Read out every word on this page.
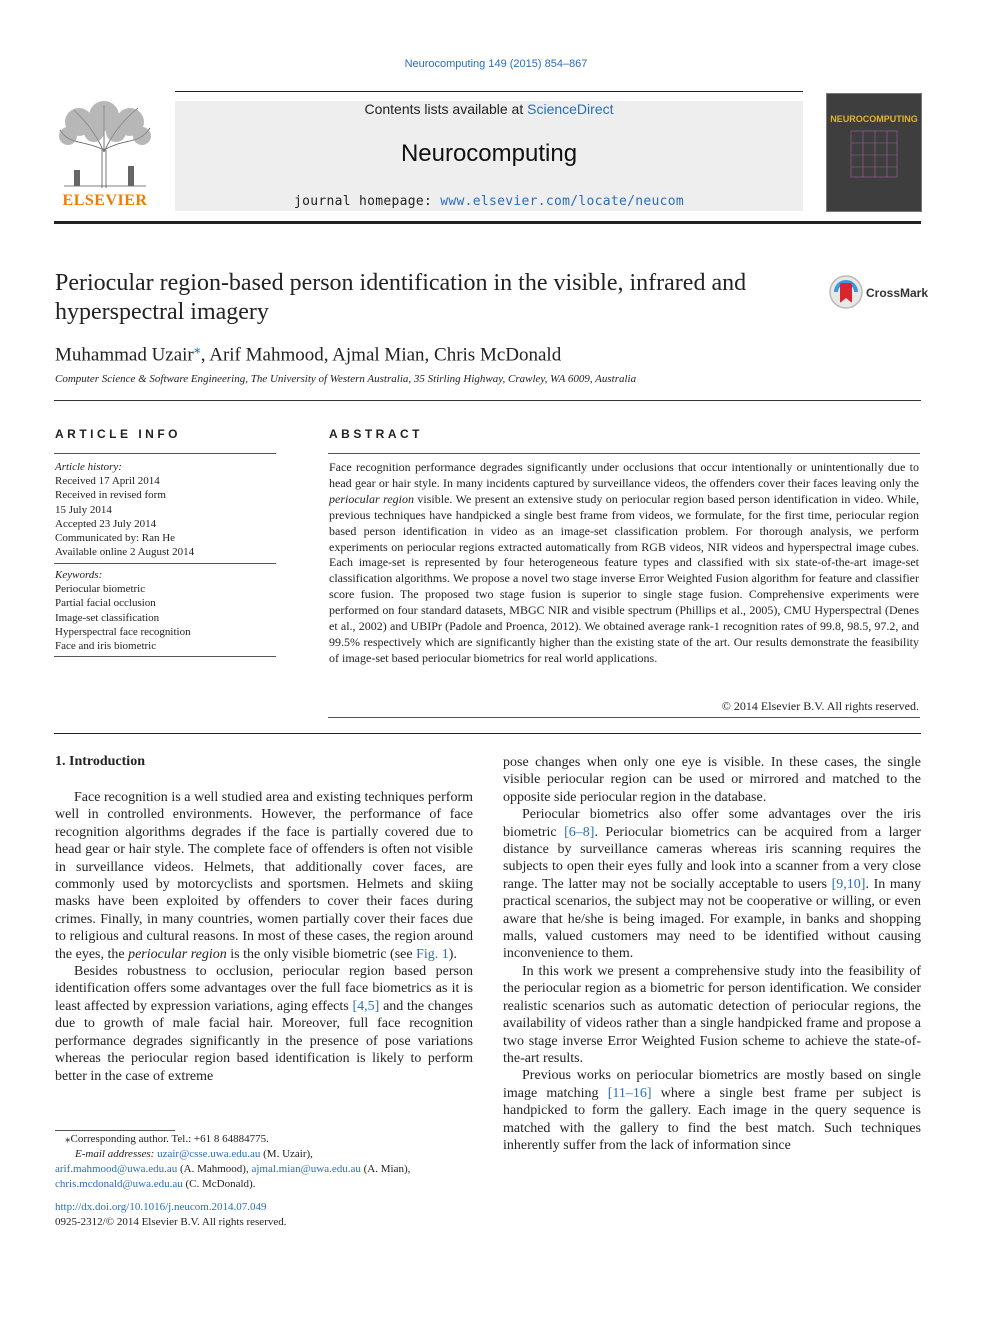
Neurocomputing 149 (2015) 854–867
ELSEVIER
Contents lists available at ScienceDirect
Neurocomputing
journal homepage: www.elsevier.com/locate/neucom
NEUROCOMPUTING
Periocular region-based person identification in the visible, infrared and hyperspectral imagery
CrossMark
Muhammad Uzair⁎, Arif Mahmood, Ajmal Mian, Chris McDonald
Computer Science & Software Engineering, The University of Western Australia, 35 Stirling Highway, Crawley, WA 6009, Australia
ARTICLE INFO
Article history:
Received 17 April 2014
Received in revised form
15 July 2014
Accepted 23 July 2014
Communicated by: Ran He
Available online 2 August 2014
Keywords:
Periocular biometric
Partial facial occlusion
Image-set classification
Hyperspectral face recognition
Face and iris biometric
ABSTRACT
Face recognition performance degrades significantly under occlusions that occur intentionally or unintentionally due to head gear or hair style. In many incidents captured by surveillance videos, the offenders cover their faces leaving only the periocular region visible. We present an extensive study on periocular region based person identification in video. While, previous techniques have handpicked a single best frame from videos, we formulate, for the first time, periocular region based person identification in video as an image-set classification problem. For thorough analysis, we perform experiments on periocular regions extracted automatically from RGB videos, NIR videos and hyperspectral image cubes. Each image-set is represented by four heterogeneous feature types and classified with six state-of-the-art image-set classification algorithms. We propose a novel two stage inverse Error Weighted Fusion algorithm for feature and classifier score fusion. The proposed two stage fusion is superior to single stage fusion. Comprehensive experiments were performed on four standard datasets, MBGC NIR and visible spectrum (Phillips et al., 2005), CMU Hyperspectral (Denes et al., 2002) and UBIPr (Padole and Proenca, 2012). We obtained average rank-1 recognition rates of 99.8, 98.5, 97.2, and 99.5% respectively which are significantly higher than the existing state of the art. Our results demonstrate the feasibility of image-set based periocular biometrics for real world applications.
© 2014 Elsevier B.V. All rights reserved.
1. Introduction

Face recognition is a well studied area and existing techniques perform well in controlled environments. However, the performance of face recognition algorithms degrades if the face is partially covered due to head gear or hair style. The complete face of offenders is often not visible in surveillance videos. Helmets, that additionally cover faces, are commonly used by motorcyclists and sportsmen. Helmets and skiing masks have been exploited by offenders to cover their faces during crimes. Finally, in many countries, women partially cover their faces due to religious and cultural reasons. In most of these cases, the region around the eyes, the periocular region is the only visible biometric (see Fig. 1).

Besides robustness to occlusion, periocular region based person identification offers some advantages over the full face biometrics as it is least affected by expression variations, aging effects [4,5] and the changes due to growth of male facial hair. Moreover, full face recognition performance degrades significantly in the presence of pose variations whereas the periocular region based identification is likely to perform better in the case of extreme

pose changes when only one eye is visible. In these cases, the single visible periocular region can be used or mirrored and matched to the opposite side periocular region in the database.

Periocular biometrics also offer some advantages over the iris biometric [6–8]. Periocular biometrics can be acquired from a larger distance by surveillance cameras whereas iris scanning requires the subjects to open their eyes fully and look into a scanner from a very close range. The latter may not be socially acceptable to users [9,10]. In many practical scenarios, the subject may not be cooperative or willing, or even aware that he/she is being imaged. For example, in banks and shopping malls, valued customers may need to be identified without causing inconvenience to them.

In this work we present a comprehensive study into the feasibility of the periocular region as a biometric for person identification. We consider realistic scenarios such as automatic detection of periocular regions, the availability of videos rather than a single handpicked frame and propose a two stage inverse Error Weighted Fusion scheme to achieve the state-of-the-art results.

Previous works on periocular biometrics are mostly based on single image matching [11–16] where a single best frame per subject is handpicked to form the gallery. Each image in the query sequence is matched with the gallery to find the best match. Such techniques inherently suffer from the lack of information since

⁎Corresponding author. Tel.: +61 8 64884775.
E-mail addresses: uzair@csse.uwa.edu.au (M. Uzair),
arif.mahmood@uwa.edu.au (A. Mahmood), ajmal.mian@uwa.edu.au (A. Mian),
chris.mcdonald@uwa.edu.au (C. McDonald).
http://dx.doi.org/10.1016/j.neucom.2014.07.049
0925-2312/© 2014 Elsevier B.V. All rights reserved.
